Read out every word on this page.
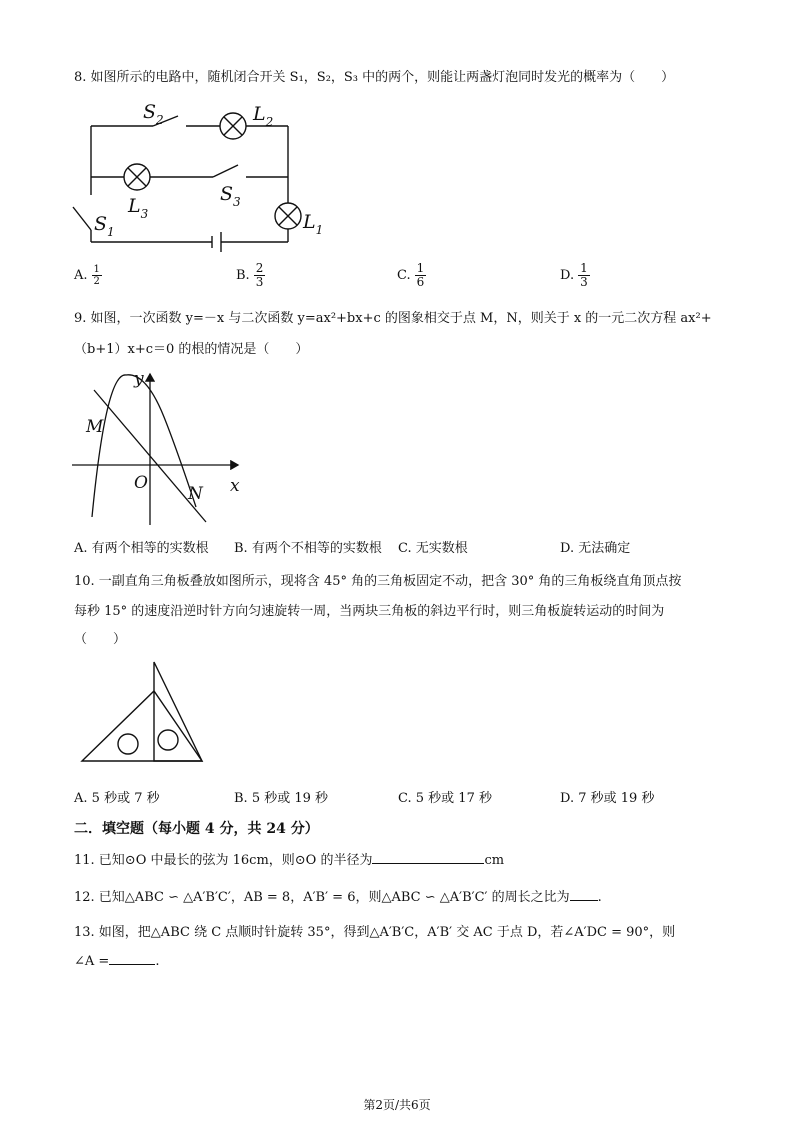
8. 如图所示的电路中，随机闭合开关 S₁，S₂，S₃ 中的两个，则能让两盏灯泡同时发光的概率为（　　）
$S_2$	$L_2$
$L_3$
$S_3$
$S_1$	$L_1$
A. $\frac{1}{2}$	B. $\frac{2}{3}$	C. $\frac{1}{6}$	D. $\frac{1}{3}$
9. 如图，一次函数 y=－x 与二次函数 y=ax²+bx+c 的图象相交于点 M，N，则关于 x 的一元二次方程 ax²+
（b+1）x+c＝0 的根的情况是（　　）
y
x
O
M
N
A. 有两个相等的实数根 B. 有两个不相等的实数根 C. 无实数根	D. 无法确定
10. 一副直角三角板叠放如图所示，现将含 45° 角的三角板固定不动，把含 30° 角的三角板绕直角顶点按
每秒 15° 的速度沿逆时针方向匀速旋转一周，当两块三角板的斜边平行时，则三角板旋转运动的时间为
（　　）
A. 5 秒或 7 秒	B. 5 秒或 19 秒	C. 5 秒或 17 秒	D. 7 秒或 19 秒
二．填空题（每小题 4 分，共 24 分）
11. 已知⊙O 中最长的弦为 16cm，则⊙O 的半径为	cm
12. 已知△ABC ∽ △A′B′C′，AB = 8，A′B′ = 6，则△ABC ∽ △A′B′C′ 的周长之比为 .
13. 如图，把△ABC 绕 C 点顺时针旋转 35°，得到△A′B′C，A′B′ 交 AC 于点 D，若∠A′DC = 90°，则
∠A =	.
第2页/共6页
